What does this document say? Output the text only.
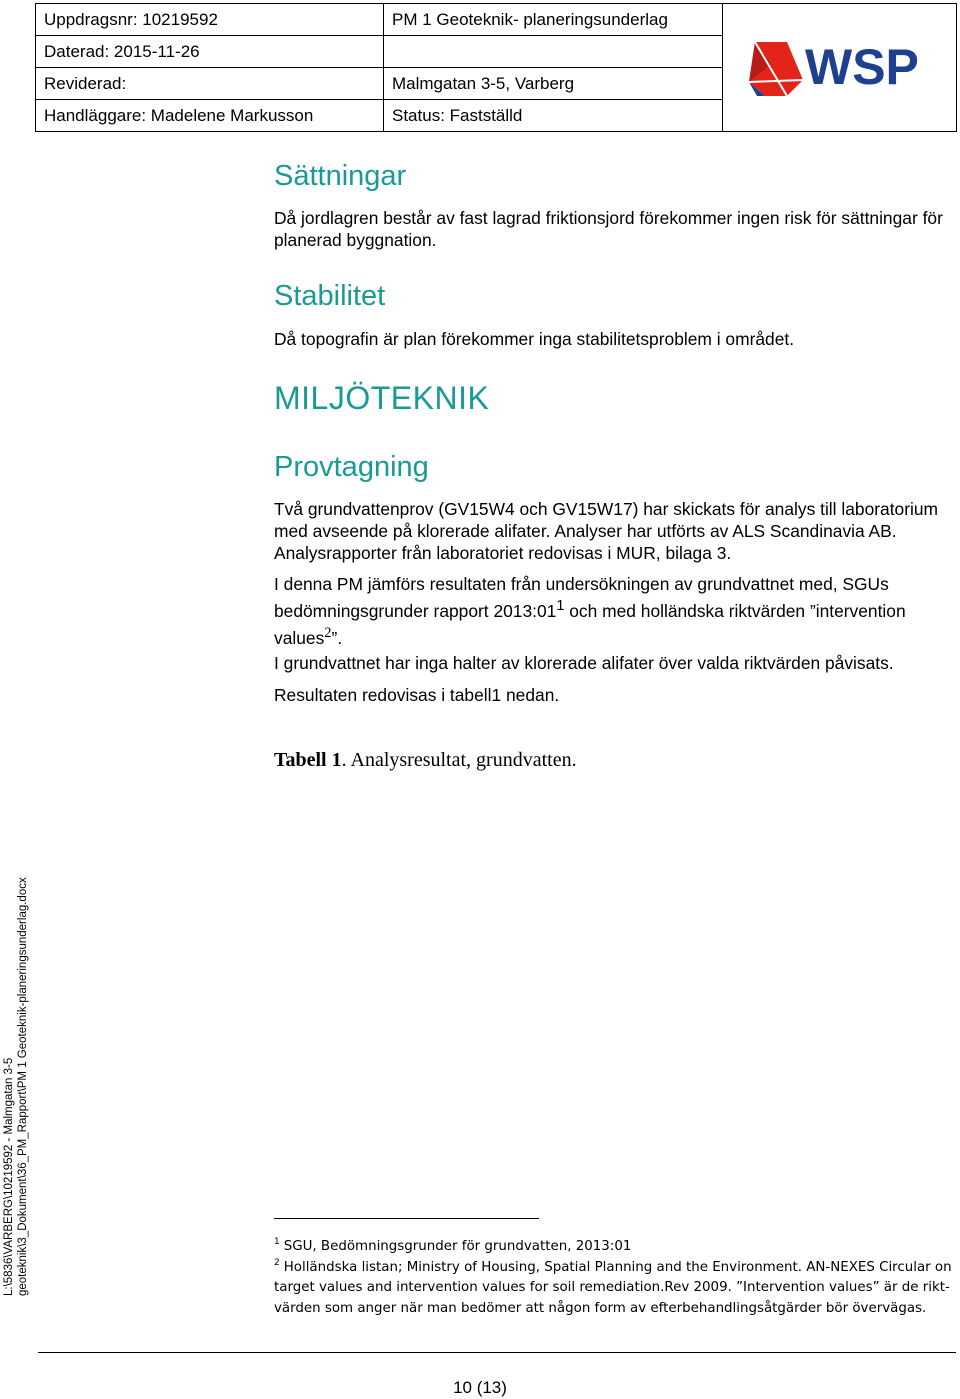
Uppdragsnr: 10219592	PM 1 Geoteknik- planeringsunderlag	WSP

Daterad: 2015-11-26		
Reviderad:	Malmgatan 3-5, Varberg	
Handläggare: Madelene Markusson	Status: Fastställd	
Sättningar

Då jordlagren består av fast lagrad friktionsjord förekommer ingen risk för sättningar för planerad byggnation.

Stabilitet

Då topografin är plan förekommer inga stabilitetsproblem i området.

MILJÖTEKNIK
Provtagning

Två grundvattenprov (GV15W4 och GV15W17) har skickats för analys till laboratorium med avseende på klorerade alifater. Analyser har utförts av ALS Scandinavia AB. Analysrapporter från laboratoriet redovisas i MUR, bilaga 3.

I denna PM jämförs resultaten från undersökningen av grundvattnet med, SGUs bedömningsgrunder rapport $2013:01^1$ och med holländska riktvärden ”intervention values$^2$”.

I grundvattnet har inga halter av klorerade alifater över valda riktvärden påvisats.

Resultaten redovisas i tabell1 nedan.

Tabell 1. Analysresultat, grundvatten.

L:\5836\VARBERG\10219592 - Malmgatan 3-5 geoteknik\3_Dokument\36_PM_Rapport\PM 1 Geoteknik-planeringsunderlag.docx	$^1$ SGU, Bedömningsgrunder för grundvatten, 2013:01

$^2$ Holländska listan; Ministry of Housing, Spatial Planning and the Environment. AN-NEXES Circular on target values and intervention values for soil remediation.Rev 2009. ”Intervention values” är de rikt-värden som anger när man bedömer att någon form av efterbehandlingsåtgärder bör övervägas.

10 (13)
